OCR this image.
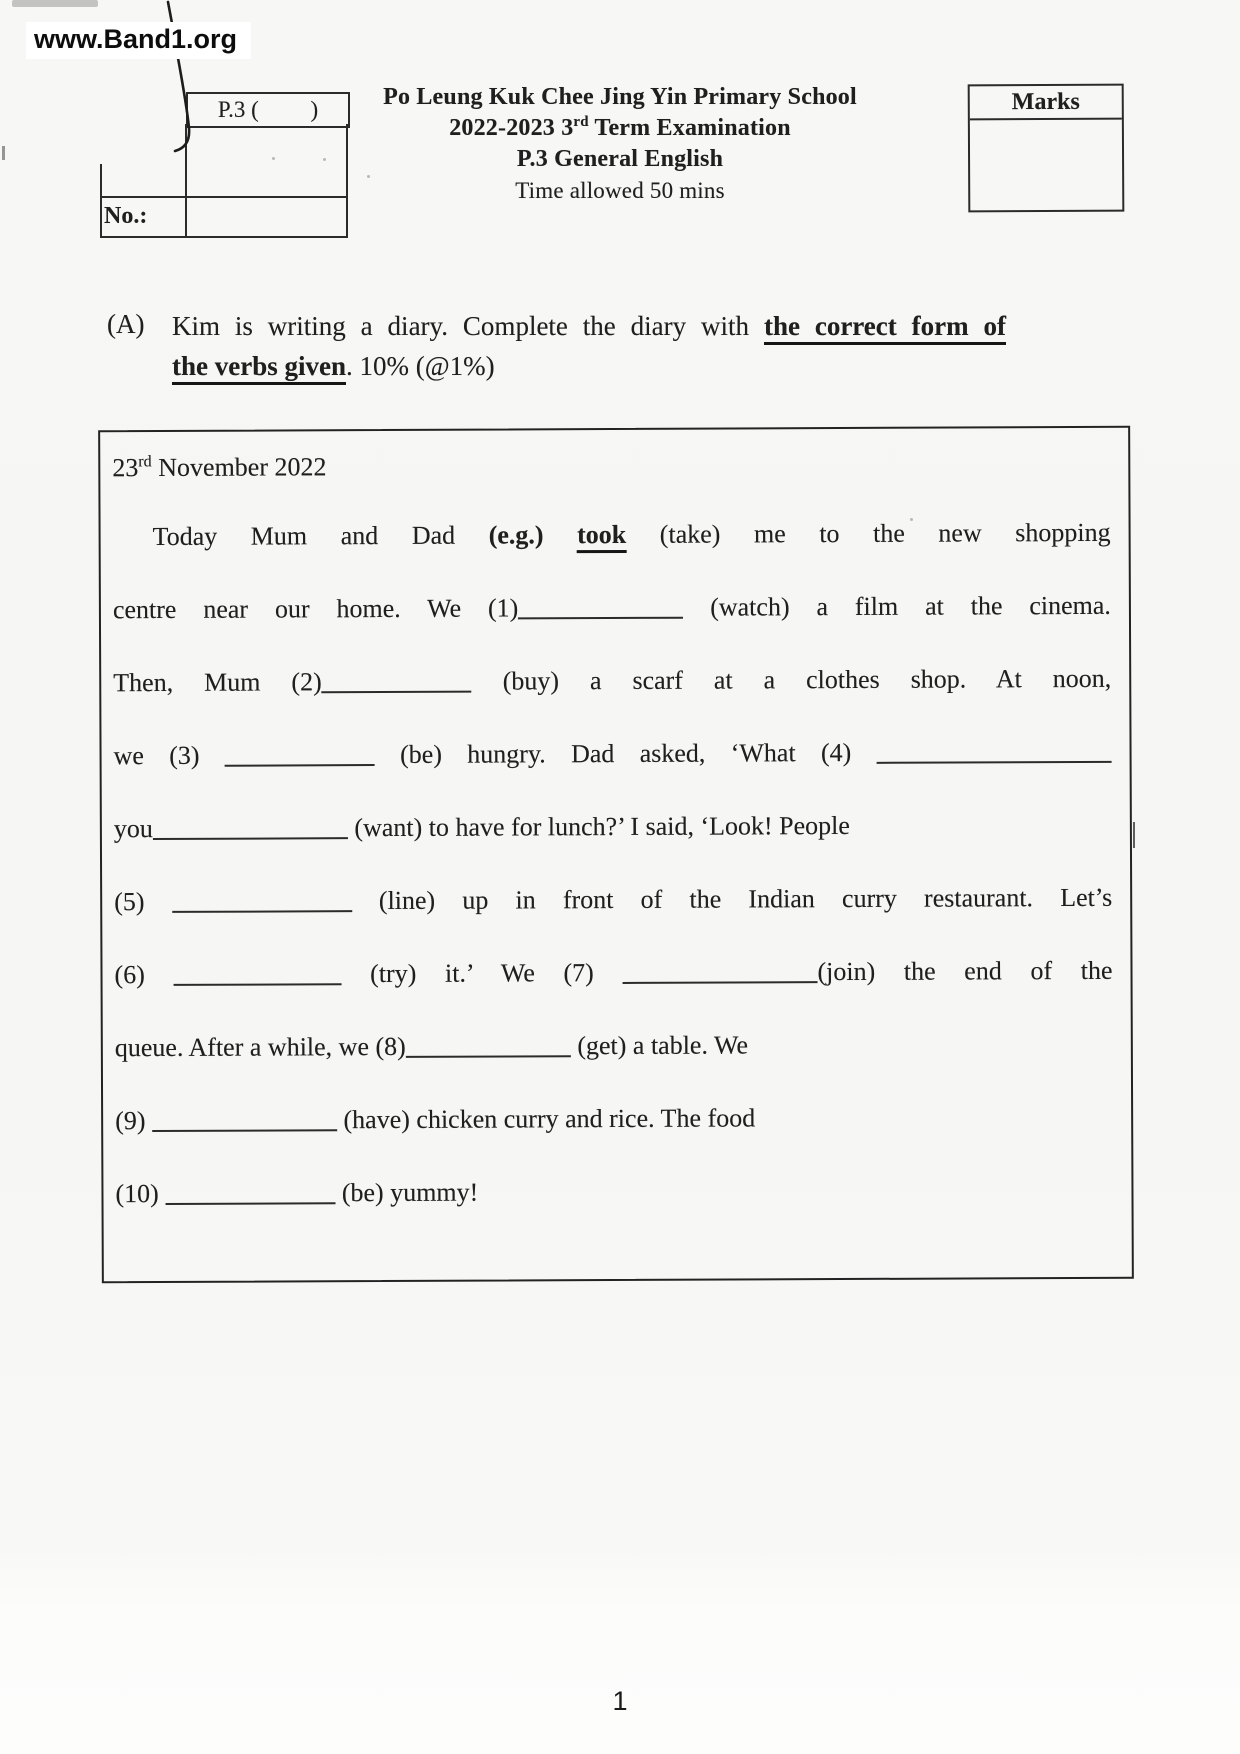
www.Band1.org
P.3 (         )
No.:
Po Leung Kuk Chee Jing Yin Primary School
2022-2023 3rd Term Examination
P.3 General English
Time allowed 50 mins
Marks
(A) Kim is writing a diary. Complete the diary with the correct form of
the verbs given. 10% (@1%)
23rd November 2022
Today Mum and Dad (e.g.) took (take) me to the new shopping
centre near our home. We (1)	(watch) a film at the cinema.
Then, Mum (2)	(buy) a scarf at a clothes shop. At noon,
we (3)	(be) hungry. Dad asked, ‘What (4)
you	(want) to have for lunch?’ I said, ‘Look! People
(5)	(line) up in front of the Indian curry restaurant. Let’s
(6)	(try) it.’ We (7)	(join) the end of the
queue. After a while, we (8)	(get) a table. We
(9)	(have) chicken curry and rice. The food
(10)	(be) yummy!
1
